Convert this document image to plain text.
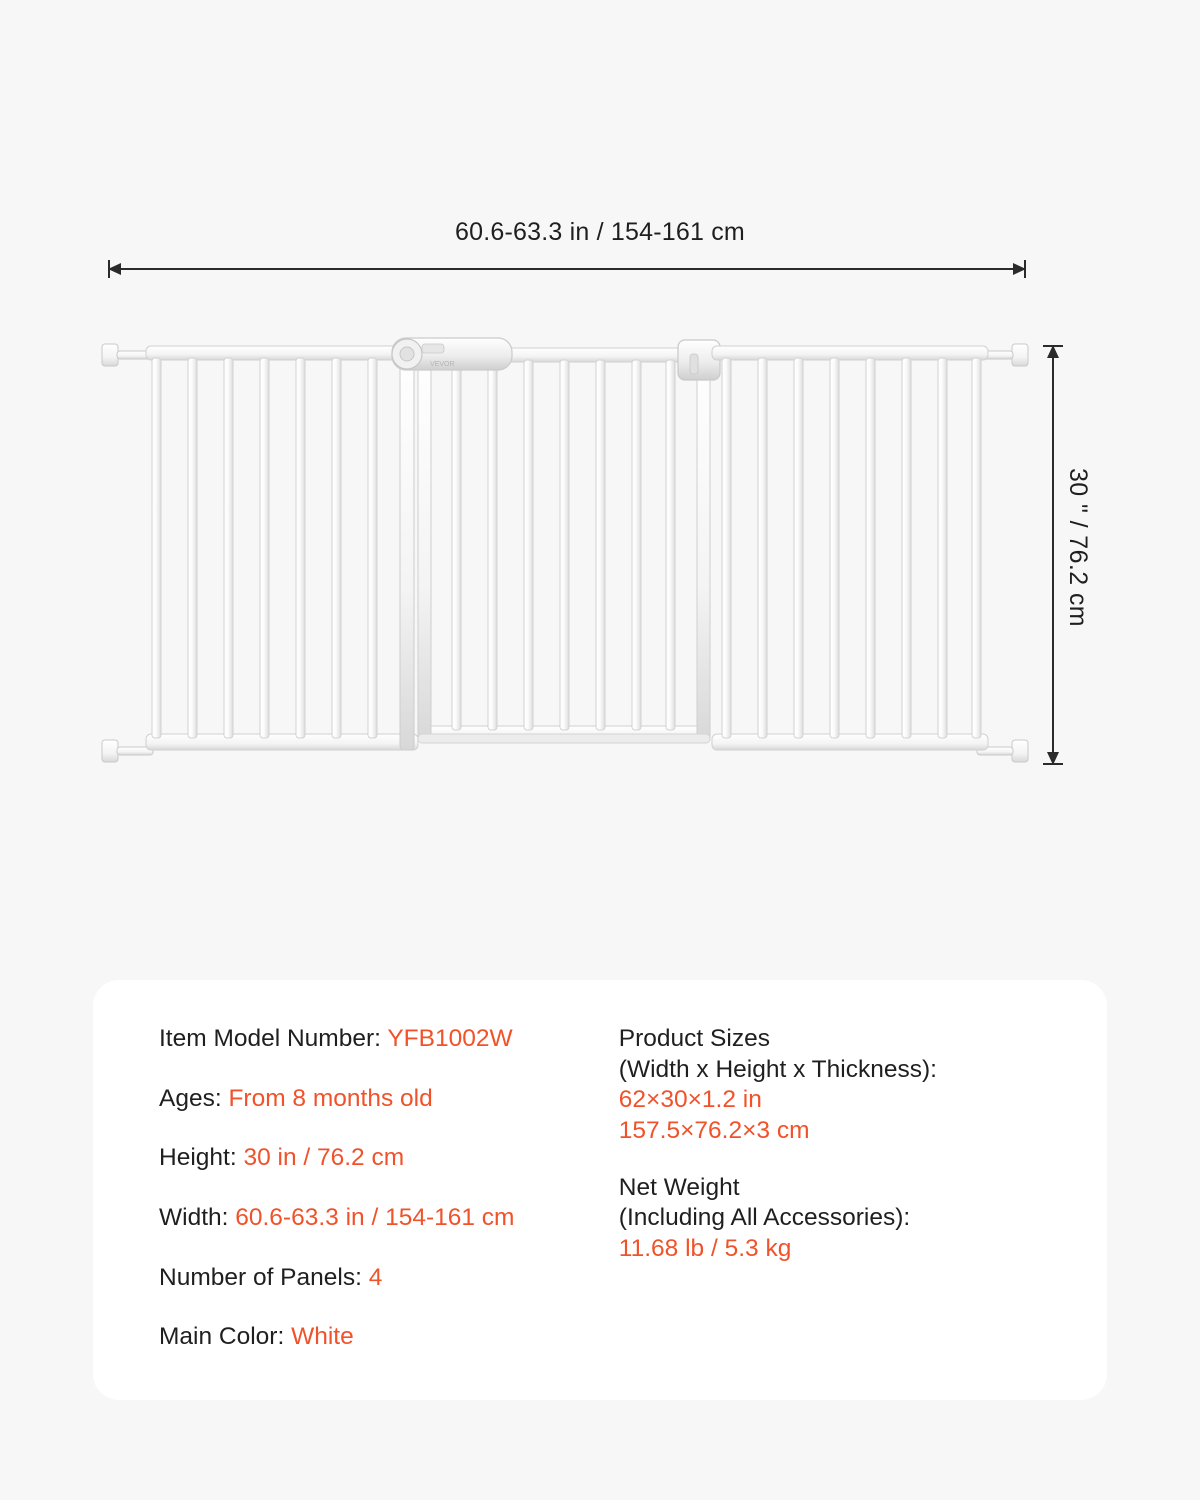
60.6-63.3 in / 154-161 cm
30 " / 76.2 cm
VEVOR
Item Model Number: YFB1002W
Ages: From 8 months old
Height: 30 in / 76.2 cm
Width: 60.6-63.3 in / 154-161 cm
Number of Panels: 4
Main Color: White
Product Sizes
(Width x Height x Thickness):
62×30×1.2 in
157.5×76.2×3 cm
Net Weight
(Including All Accessories):
11.68 lb / 5.3 kg
